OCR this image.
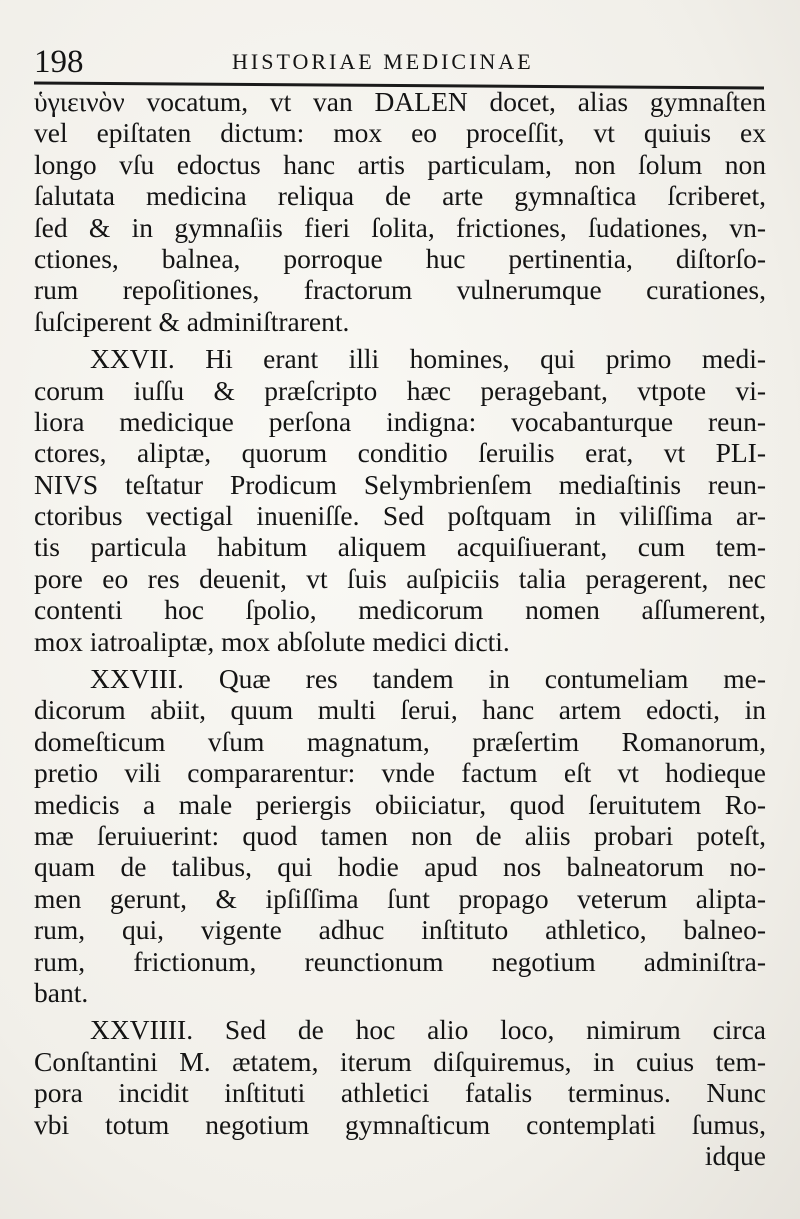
198	HISTORIAE MEDICINAE
ὑγιεινὸν vocatum, vt van DALEN docet, alias gymnaſten
vel epiſtaten dictum: mox eo proceſſit, vt quiuis ex
longo vſu edoctus hanc artis particulam, non ſolum non
ſalutata medicina reliqua de arte gymnaſtica ſcriberet,
ſed & in gymnaſiis fieri ſolita, frictiones, ſudationes, vn-
ctiones, balnea, porroque huc pertinentia, diſtorſo-
rum repoſitiones, fractorum vulnerumque curationes,
ſuſciperent & adminiſtrarent.
XXVII. Hi erant illi homines, qui primo medi-
corum iuſſu & præſcripto hæc peragebant, vtpote vi-
liora medicique perſona indigna: vocabanturque reun-
ctores, aliptæ, quorum conditio ſeruilis erat, vt PLI-
NIVS teſtatur Prodicum Selymbrienſem mediaſtinis reun-
ctoribus vectigal inueniſſe. Sed poſtquam in viliſſima ar-
tis particula habitum aliquem acquiſiuerant, cum tem-
pore eo res deuenit, vt ſuis auſpiciis talia peragerent, nec
contenti hoc ſpolio, medicorum nomen aſſumerent,
mox iatroaliptæ, mox abſolute medici dicti.
XXVIII. Quæ res tandem in contumeliam me-
dicorum abiit, quum multi ſerui, hanc artem edocti, in
domeſticum vſum magnatum, præſertim Romanorum,
pretio vili compararentur: vnde factum eſt vt hodieque
medicis a male periergis obiiciatur, quod ſeruitutem Ro-
mæ ſeruiuerint: quod tamen non de aliis probari poteſt,
quam de talibus, qui hodie apud nos balneatorum no-
men gerunt, & ipſiſſima ſunt propago veterum alipta-
rum, qui, vigente adhuc inſtituto athletico, balneo-
rum, frictionum, reunctionum negotium adminiſtra-
bant.
XXVIIII. Sed de hoc alio loco, nimirum circa
Conſtantini M. ætatem, iterum diſquiremus, in cuius tem-
pora incidit inſtituti athletici fatalis terminus. Nunc
vbi totum negotium gymnaſticum contemplati ſumus,
idque
